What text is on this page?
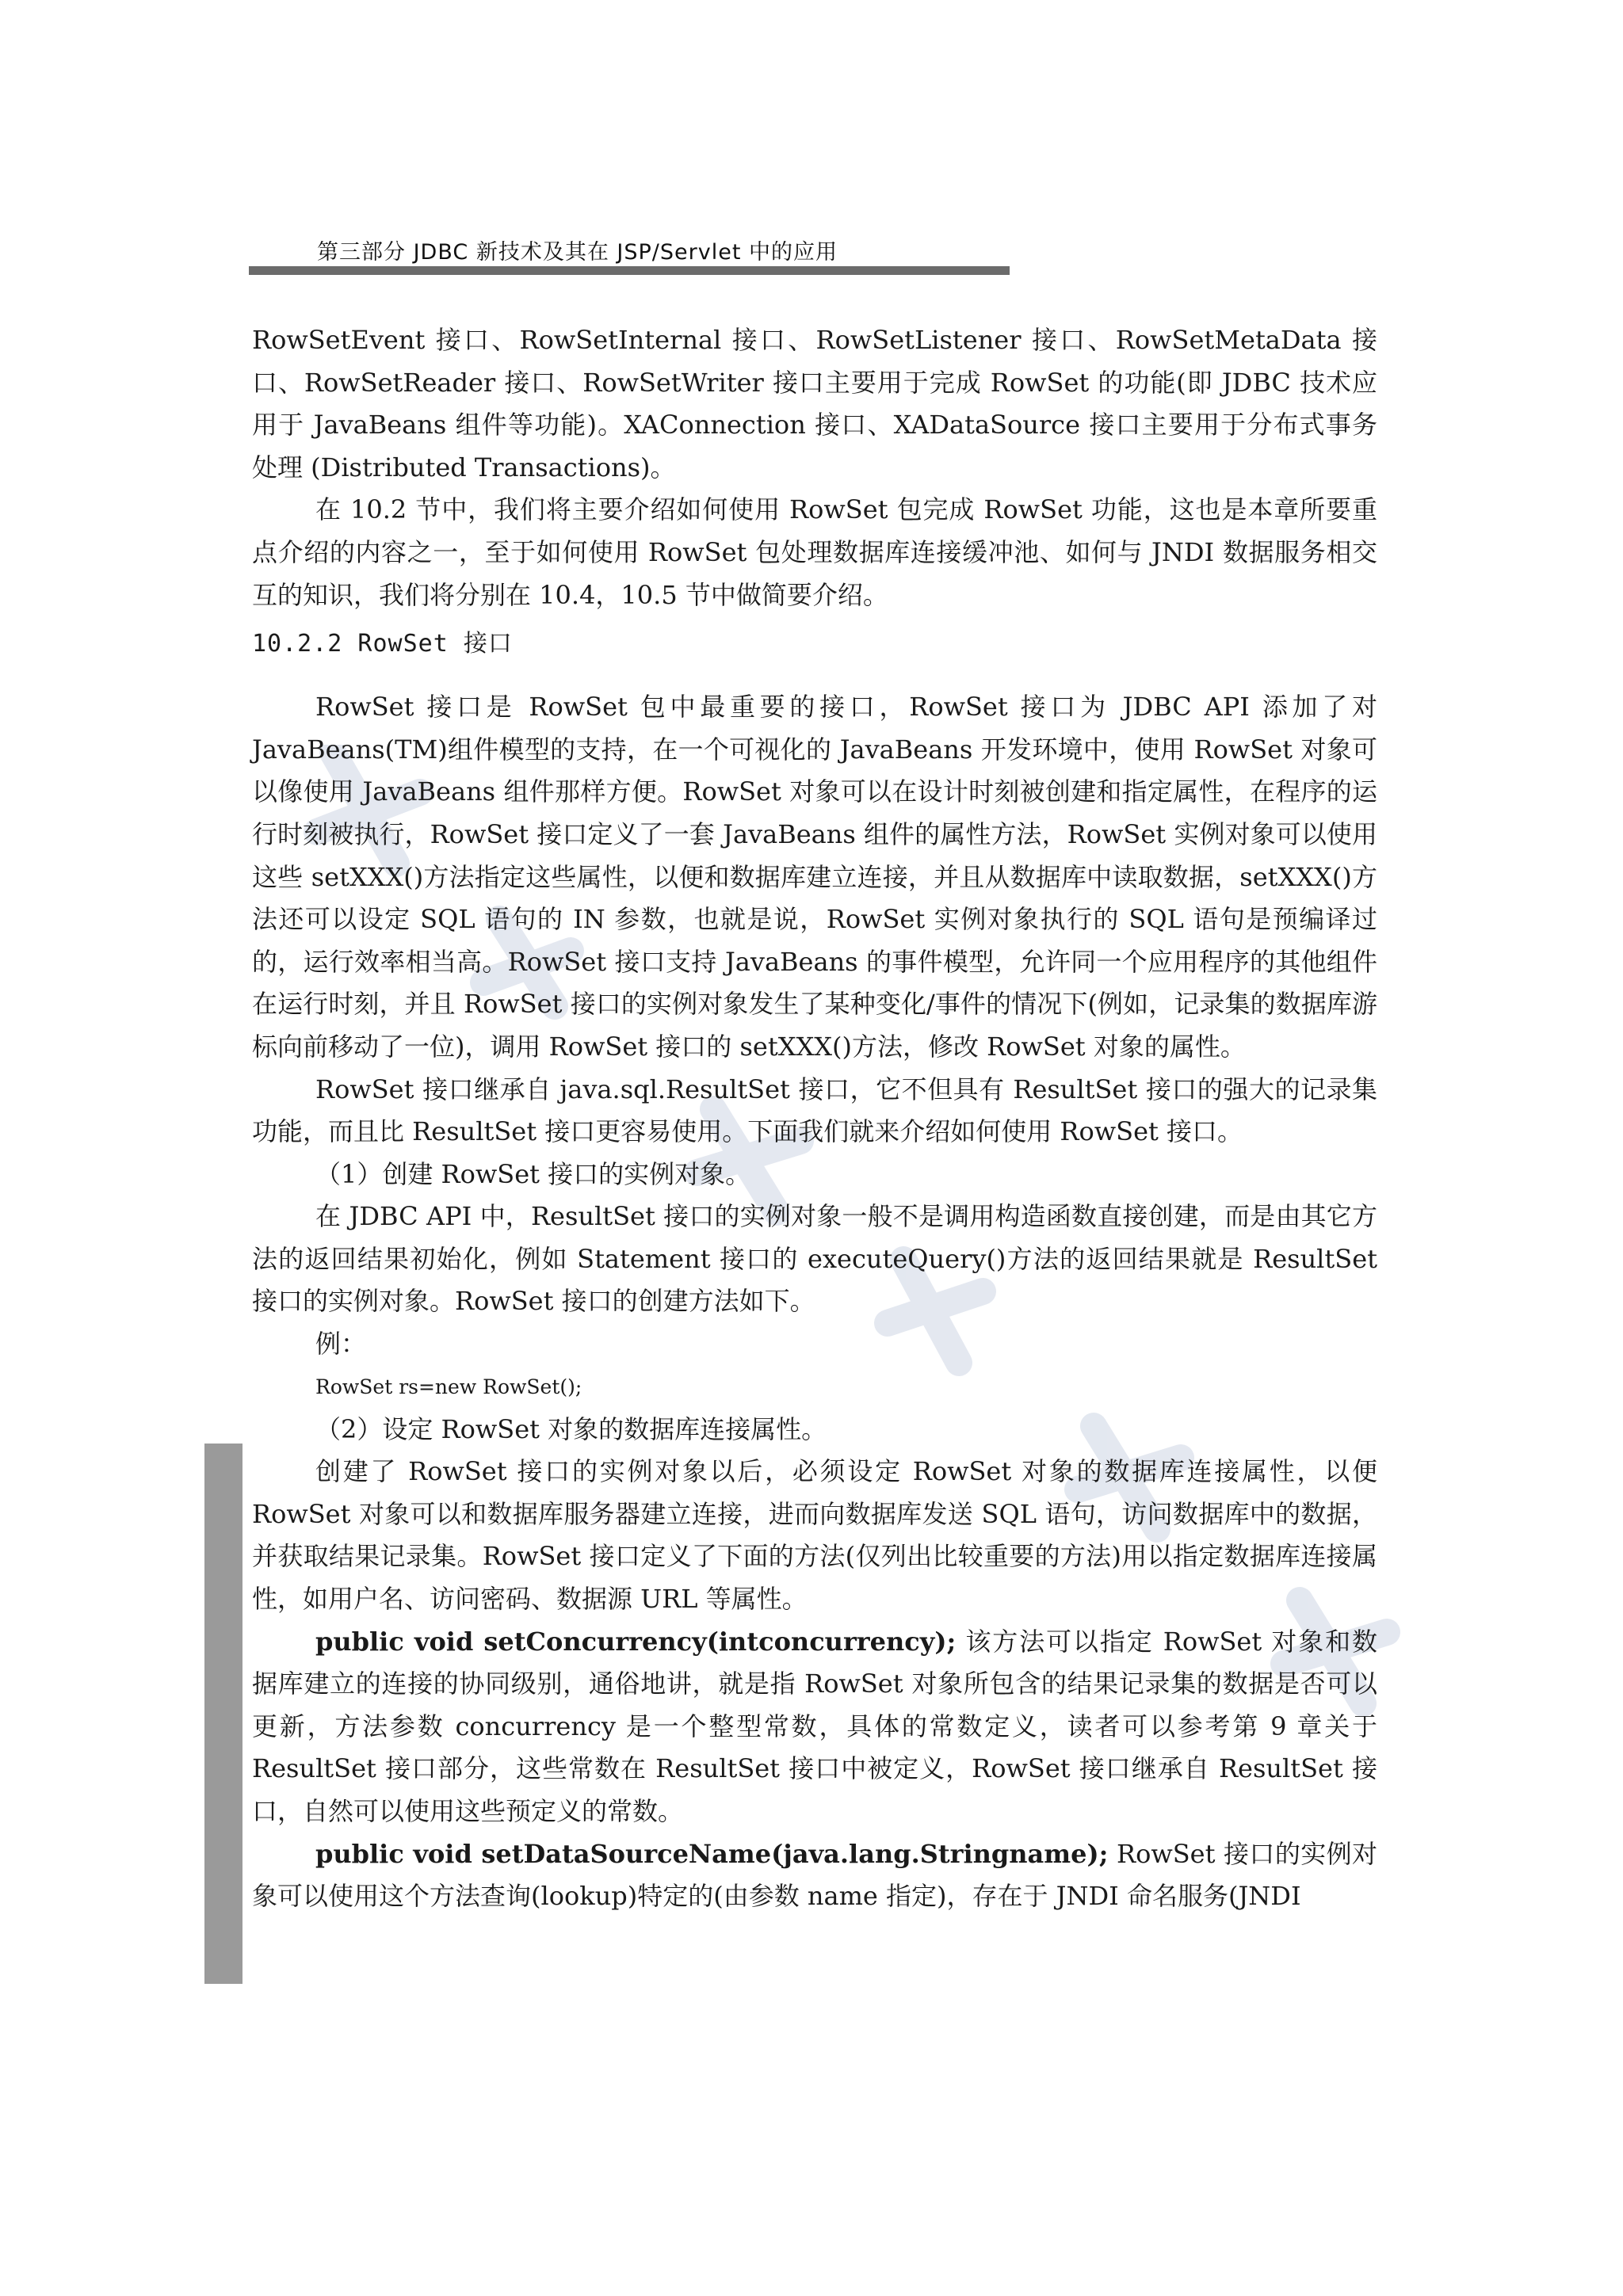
第三部分 JDBC 新技术及其在 JSP/Servlet 中的应用

RowSetEvent 接口、RowSetInternal 接口、RowSetListener 接口、RowSetMetaData 接口、RowSetReader 接口、RowSetWriter 接口主要用于完成 RowSet 的功能(即 JDBC 技术应用于 JavaBeans 组件等功能)。XAConnection 接口、XADataSource 接口主要用于分布式事务处理 (Distributed Transactions)。

在 10.2 节中，我们将主要介绍如何使用 RowSet 包完成 RowSet 功能，这也是本章所要重点介绍的内容之一，至于如何使用 RowSet 包处理数据库连接缓冲池、如何与 JNDI 数据服务相交互的知识，我们将分别在 10.4，10.5 节中做简要介绍。

10.2.2 RowSet 接口

RowSet 接口是 RowSet 包中最重要的接口，RowSet 接口为 JDBC API 添加了对 JavaBeans(TM)组件模型的支持，在一个可视化的 JavaBeans 开发环境中，使用 RowSet 对象可以像使用 JavaBeans 组件那样方便。RowSet 对象可以在设计时刻被创建和指定属性，在程序的运行时刻被执行，RowSet 接口定义了一套 JavaBeans 组件的属性方法，RowSet 实例对象可以使用这些 setXXX()方法指定这些属性，以便和数据库建立连接，并且从数据库中读取数据，setXXX()方法还可以设定 SQL 语句的 IN 参数，也就是说，RowSet 实例对象执行的 SQL 语句是预编译过的，运行效率相当高。RowSet 接口支持 JavaBeans 的事件模型，允许同一个应用程序的其他组件在运行时刻，并且 RowSet 接口的实例对象发生了某种变化/事件的情况下(例如，记录集的数据库游标向前移动了一位)，调用 RowSet 接口的 setXXX()方法，修改 RowSet 对象的属性。

RowSet 接口继承自 java.sql.ResultSet 接口，它不但具有 ResultSet 接口的强大的记录集功能，而且比 ResultSet 接口更容易使用。下面我们就来介绍如何使用 RowSet 接口。

（1）创建 RowSet 接口的实例对象。

在 JDBC API 中，ResultSet 接口的实例对象一般不是调用构造函数直接创建，而是由其它方法的返回结果初始化，例如 Statement 接口的 executeQuery()方法的返回结果就是 ResultSet 接口的实例对象。RowSet 接口的创建方法如下。

例：

RowSet rs=new RowSet();

（2）设定 RowSet 对象的数据库连接属性。

创建了 RowSet 接口的实例对象以后，必须设定 RowSet 对象的数据库连接属性，以便 RowSet 对象可以和数据库服务器建立连接，进而向数据库发送 SQL 语句，访问数据库中的数据，并获取结果记录集。RowSet 接口定义了下面的方法(仅列出比较重要的方法)用以指定数据库连接属性，如用户名、访问密码、数据源 URL 等属性。

public void setConcurrency(intconcurrency); 该方法可以指定 RowSet 对象和数据库建立的连接的协同级别，通俗地讲，就是指 RowSet 对象所包含的结果记录集的数据是否可以更新，方法参数 concurrency 是一个整型常数，具体的常数定义，读者可以参考第 9 章关于 ResultSet 接口部分，这些常数在 ResultSet 接口中被定义，RowSet 接口继承自 ResultSet 接口，自然可以使用这些预定义的常数。

public void setDataSourceName(java.lang.Stringname); RowSet 接口的实例对象可以使用这个方法查询(lookup)特定的(由参数 name 指定)，存在于 JNDI 命名服务(JNDI
